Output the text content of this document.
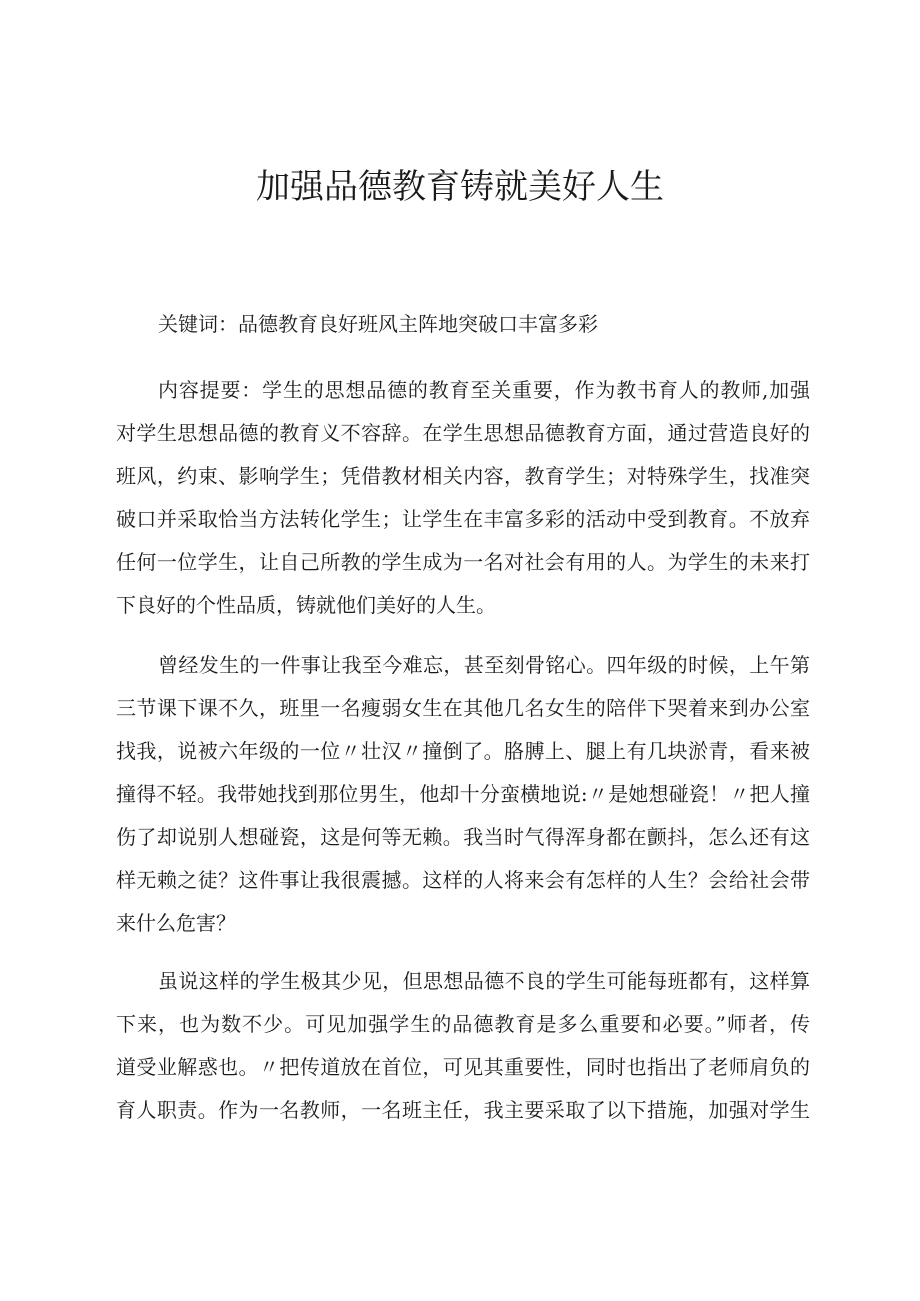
加强品德教育铸就美好人生

关键词：品德教育良好班风主阵地突破口丰富多彩

内容提要：学生的思想品德的教育至关重要，作为教书育人的教师,加强
对学生思想品德的教育义不容辞。在学生思想品德教育方面，通过营造良好的
班风，约束、影响学生；凭借教材相关内容，教育学生；对特殊学生，找准突
破口并采取恰当方法转化学生；让学生在丰富多彩的活动中受到教育。不放弃
任何一位学生，让自己所教的学生成为一名对社会有用的人。为学生的未来打
下良好的个性品质，铸就他们美好的人生。
曾经发生的一件事让我至今难忘，甚至刻骨铭心。四年级的时候，上午第
三节课下课不久，班里一名瘦弱女生在其他几名女生的陪伴下哭着来到办公室
找我，说被六年级的一位〃壮汉〃撞倒了。胳膊上、腿上有几块淤青，看来被
撞得不轻。我带她找到那位男生，他却十分蛮横地说:〃是她想碰瓷！〃把人撞
伤了却说别人想碰瓷，这是何等无赖。我当时气得浑身都在颤抖，怎么还有这
样无赖之徒？这件事让我很震撼。这样的人将来会有怎样的人生？会给社会带
来什么危害？
虽说这样的学生极其少见，但思想品德不良的学生可能每班都有，这样算
下来，也为数不少。可见加强学生的品德教育是多么重要和必要。”师者，传
道受业解惑也。〃把传道放在首位，可见其重要性，同时也指出了老师肩负的
育人职责。作为一名教师，一名班主任，我主要采取了以下措施，加强对学生
